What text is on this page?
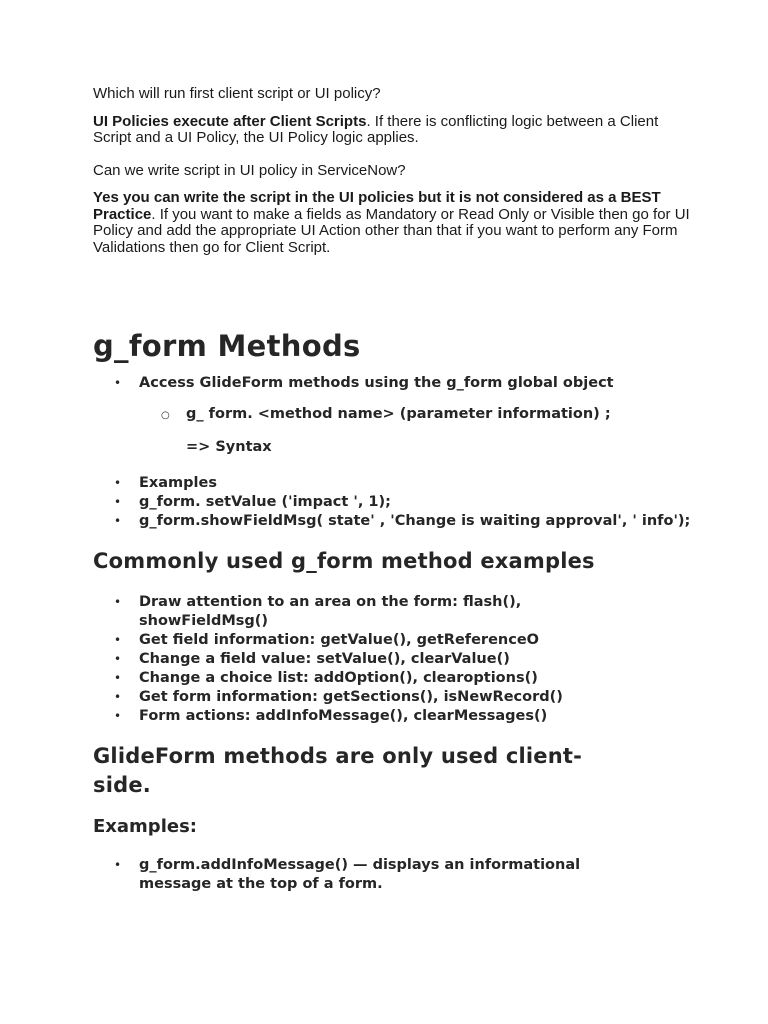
Which will run first client script or UI policy?

UI Policies execute after Client Scripts. If there is conflicting logic between a Client Script and a UI Policy, the UI Policy logic applies.

Can we write script in UI policy in ServiceNow?

Yes you can write the script in the UI policies but it is not considered as a BEST Practice. If you want to make a fields as Mandatory or Read Only or Visible then go for UI Policy and add the appropriate UI Action other than that if you want to perform any Form Validations then go for Client Script.

g_form Methods
• Access GlideForm methods using the g_form global object
○ g_ form. <method name> (parameter information) ;
=> Syntax
• Examples
• g_form. setValue ('impact ', 1);
• g_form.showFieldMsg( state' , 'Change is waiting approval', ' info');
Commonly used g_form method examples
• Draw attention to an area on the form: flash(), showFieldMsg()
• Get field information: getValue(), getReferenceO
• Change a field value: setValue(), clearValue()
• Change a choice list: addOption(), clearoptions()
• Get form information: getSections(), isNewRecord()
• Form actions: addInfoMessage(), clearMessages()
GlideForm methods are only used client-side.
Examples:
• g_form.addInfoMessage() — displays an informational message at the top of a form.
